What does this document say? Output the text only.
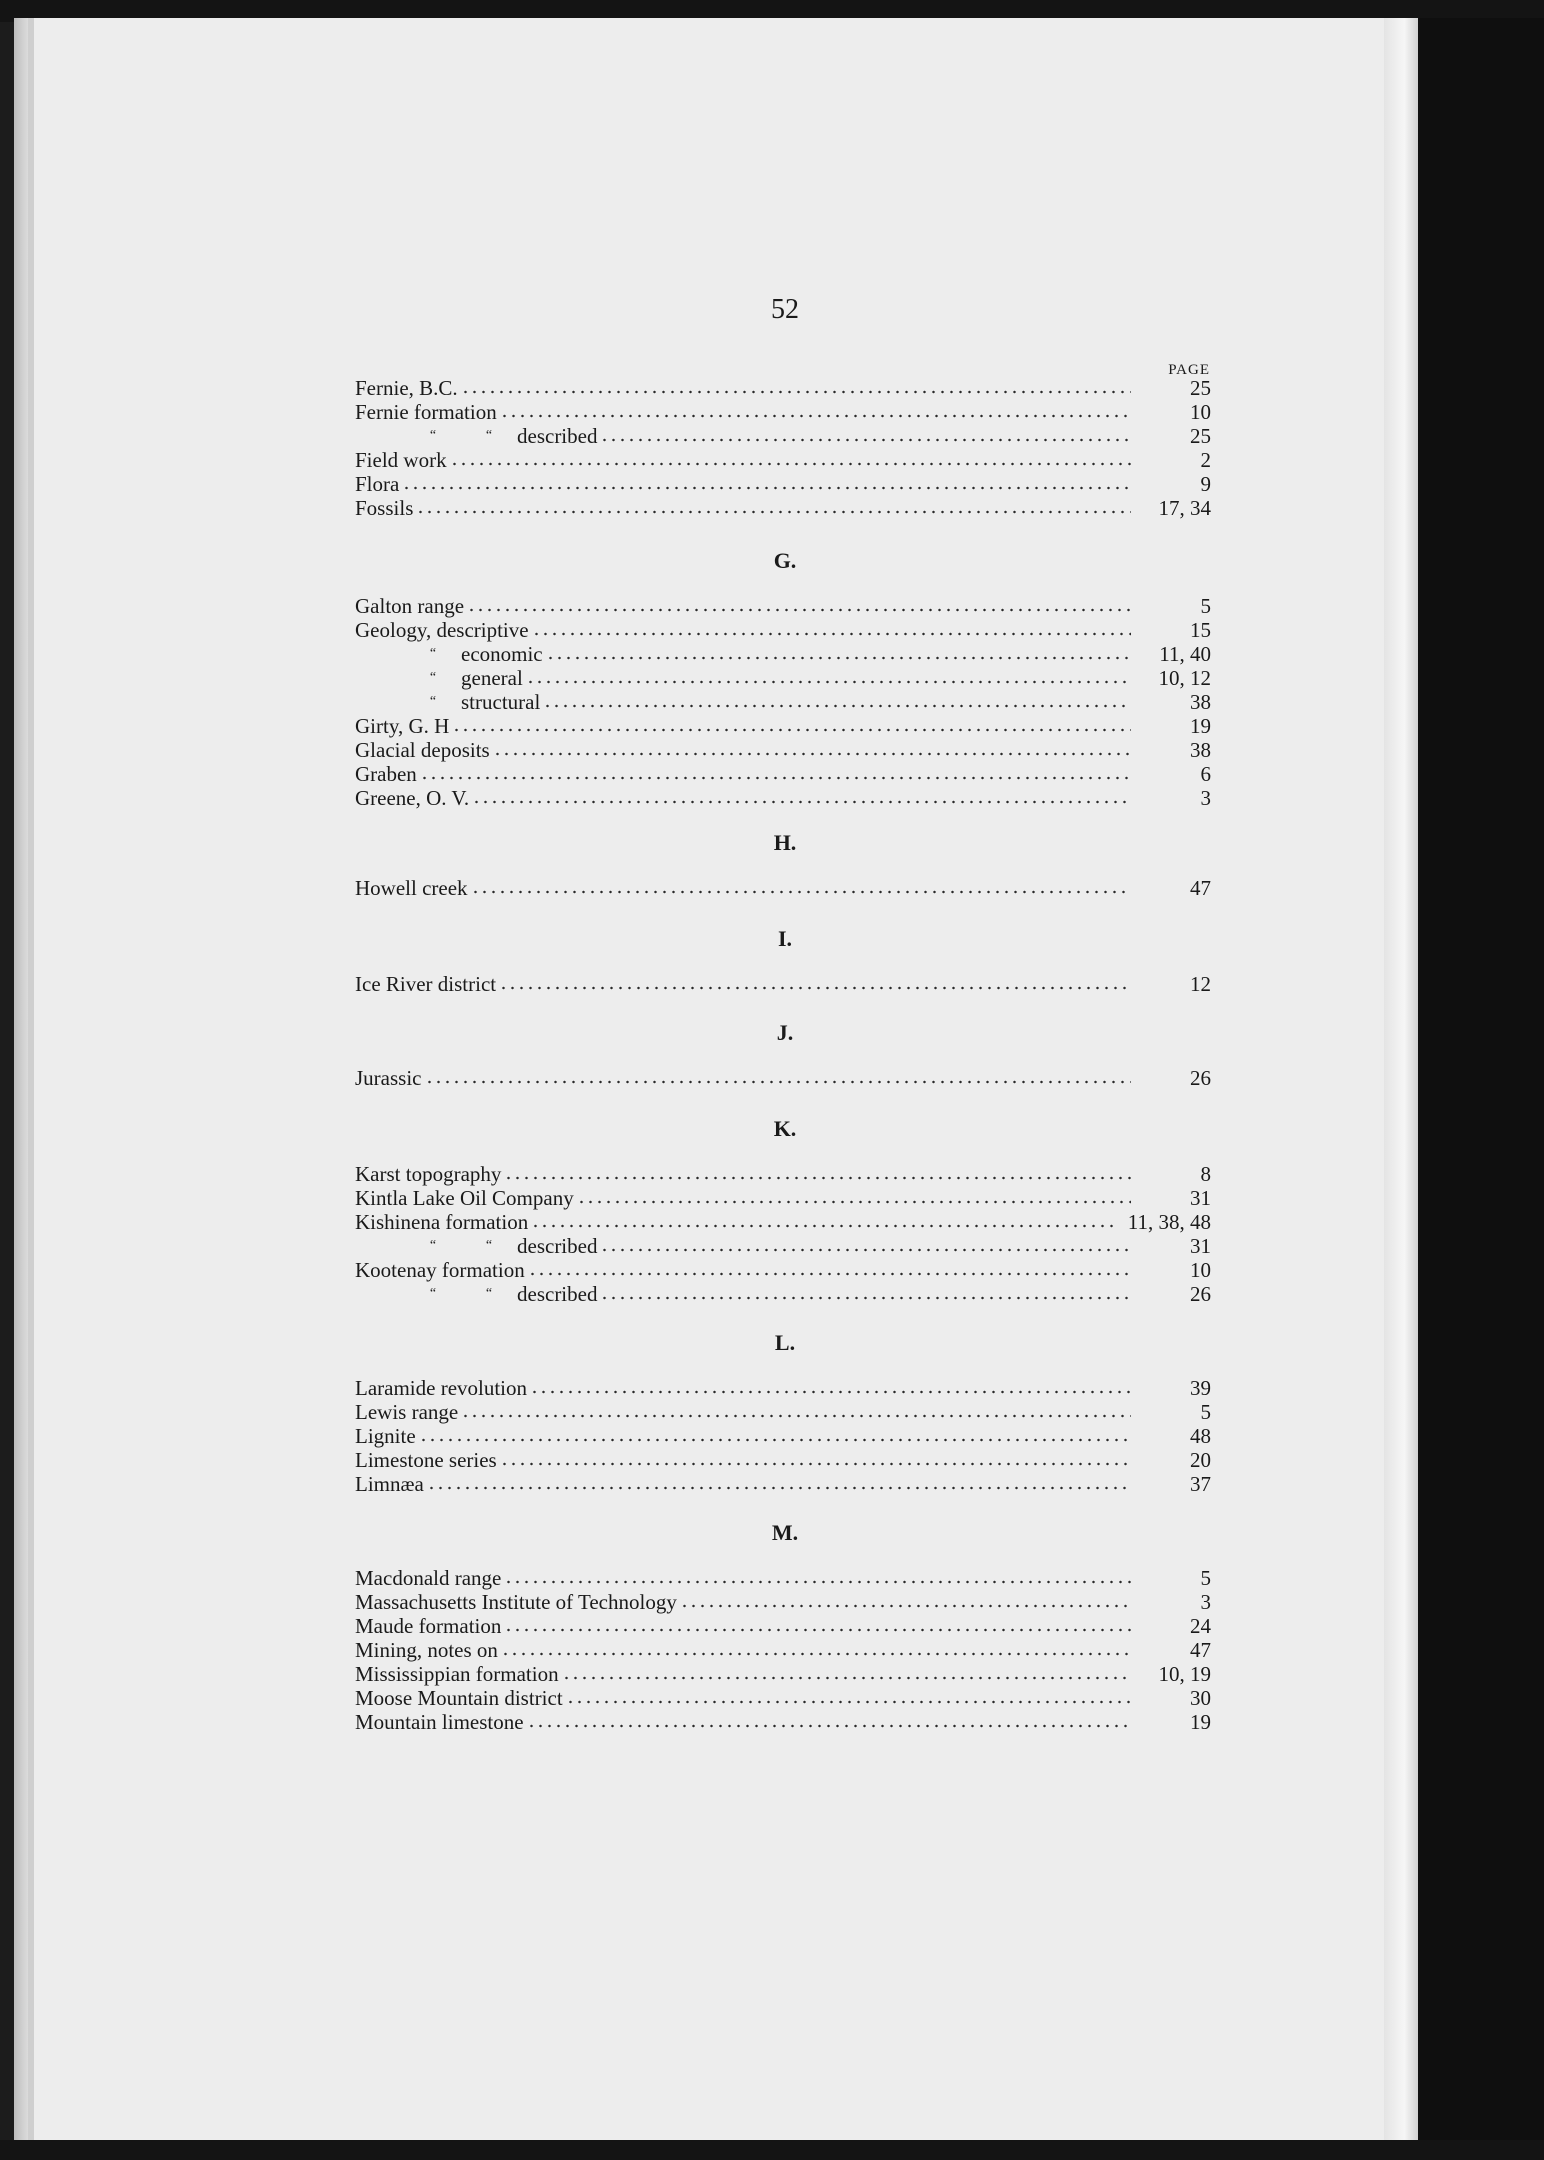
52
PAGE
Fernie, B.C.	25
Fernie formation	10
“	“ described	25
Field work	2
Flora	9
Fossils	17, 34
G.
Galton range	5
Geology, descriptive	15
“ economic	11, 40
“ general	10, 12
“ structural	38
Girty, G. H	19
Glacial deposits	38
Graben	6
Greene, O. V.	3
H.
Howell creek	47
I.
Ice River district	12
J.
Jurassic	26
K.
Karst topography	8
Kintla Lake Oil Company	31
Kishinena formation	11, 38, 48
“	“ described	31
Kootenay formation	10
“	“ described	26
L.
Laramide revolution	39
Lewis range	5
Lignite	48
Limestone series	20
Limnæa	37
M.
Macdonald range	5
Massachusetts Institute of Technology	3
Maude formation	24
Mining, notes on	47
Mississippian formation	10, 19
Moose Mountain district	30
Mountain limestone	19
